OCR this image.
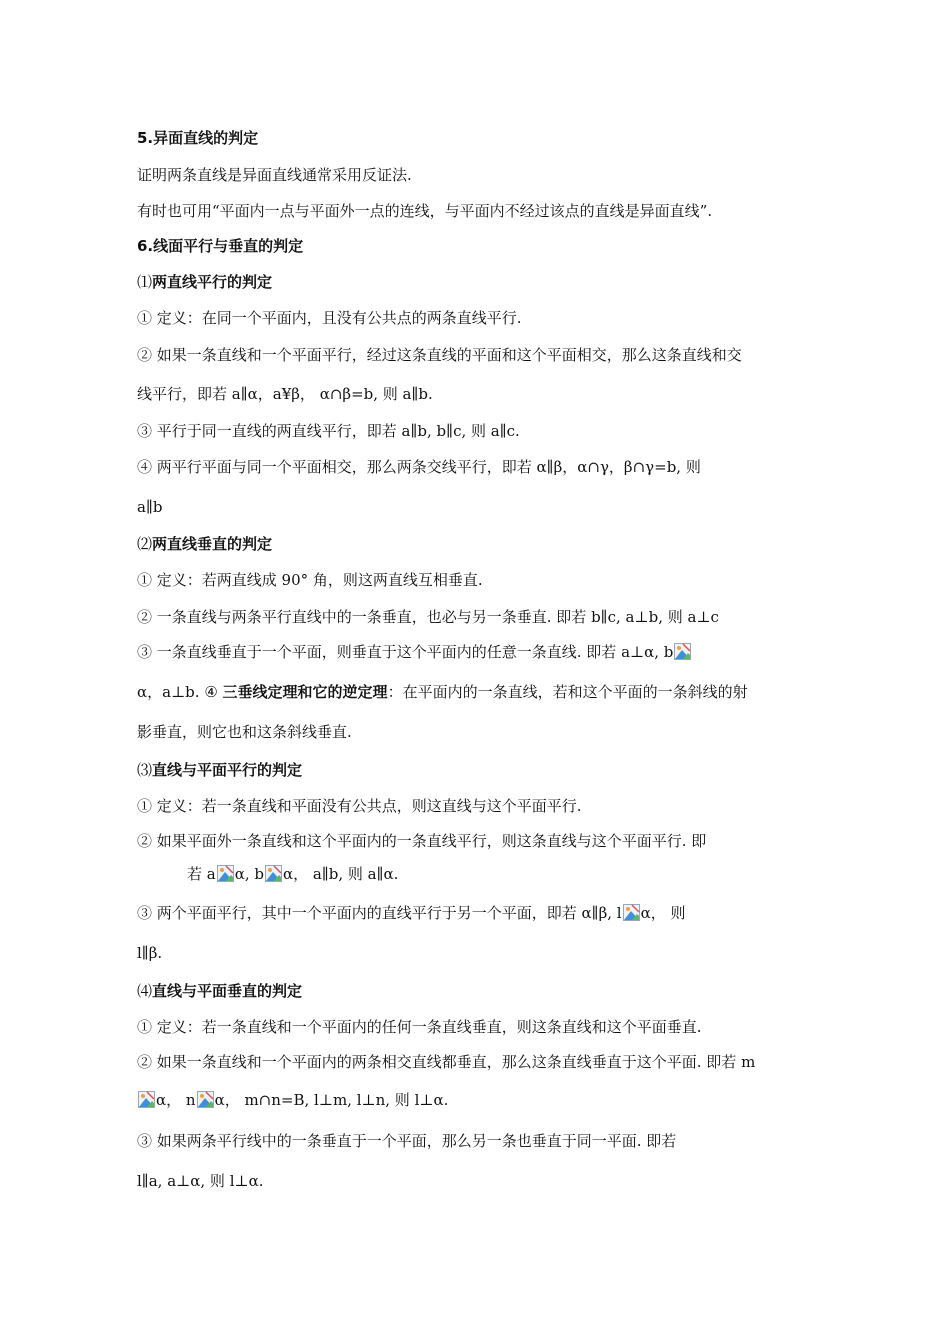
5.异面直线的判定
证明两条直线是异面直线通常采用反证法.
有时也可用“平面内一点与平面外一点的连线，与平面内不经过该点的直线是异面直线”.
6.线面平行与垂直的判定
⑴两直线平行的判定
① 定义：在同一个平面内，且没有公共点的两条直线平行.
② 如果一条直线和一个平面平行，经过这条直线的平面和这个平面相交，那么这条直线和交
线平行，即若 a∥α，a¥β， α∩β=b, 则 a∥b.
③ 平行于同一直线的两直线平行，即若 a∥b, b∥c, 则 a∥c.
④ 两平行平面与同一个平面相交，那么两条交线平行，即若 α∥β，α∩γ，β∩γ=b, 则
a∥b
⑵两直线垂直的判定
① 定义：若两直线成 90° 角，则这两直线互相垂直.
② 一条直线与两条平行直线中的一条垂直，也必与另一条垂直. 即若 b∥c, a⊥b, 则 a⊥c
③ 一条直线垂直于一个平面，则垂直于这个平面内的任意一条直线. 即若 a⊥α, b
α，a⊥b. ④ 三垂线定理和它的逆定理：在平面内的一条直线，若和这个平面的一条斜线的射
影垂直，则它也和这条斜线垂直.
⑶直线与平面平行的判定
① 定义：若一条直线和平面没有公共点，则这直线与这个平面平行.
② 如果平面外一条直线和这个平面内的一条直线平行，则这条直线与这个平面平行. 即
若 a α, b α， a∥b, 则 a∥α.
③ 两个平面平行，其中一个平面内的直线平行于另一个平面，即若 α∥β, l α， 则
l∥β.
⑷直线与平面垂直的判定
① 定义：若一条直线和一个平面内的任何一条直线垂直，则这条直线和这个平面垂直.
② 如果一条直线和一个平面内的两条相交直线都垂直，那么这条直线垂直于这个平面. 即若 m
α， n α， m∩n=B, l⊥m, l⊥n, 则 l⊥α.
③ 如果两条平行线中的一条垂直于一个平面，那么另一条也垂直于同一平面. 即若
l∥a, a⊥α, 则 l⊥α.
